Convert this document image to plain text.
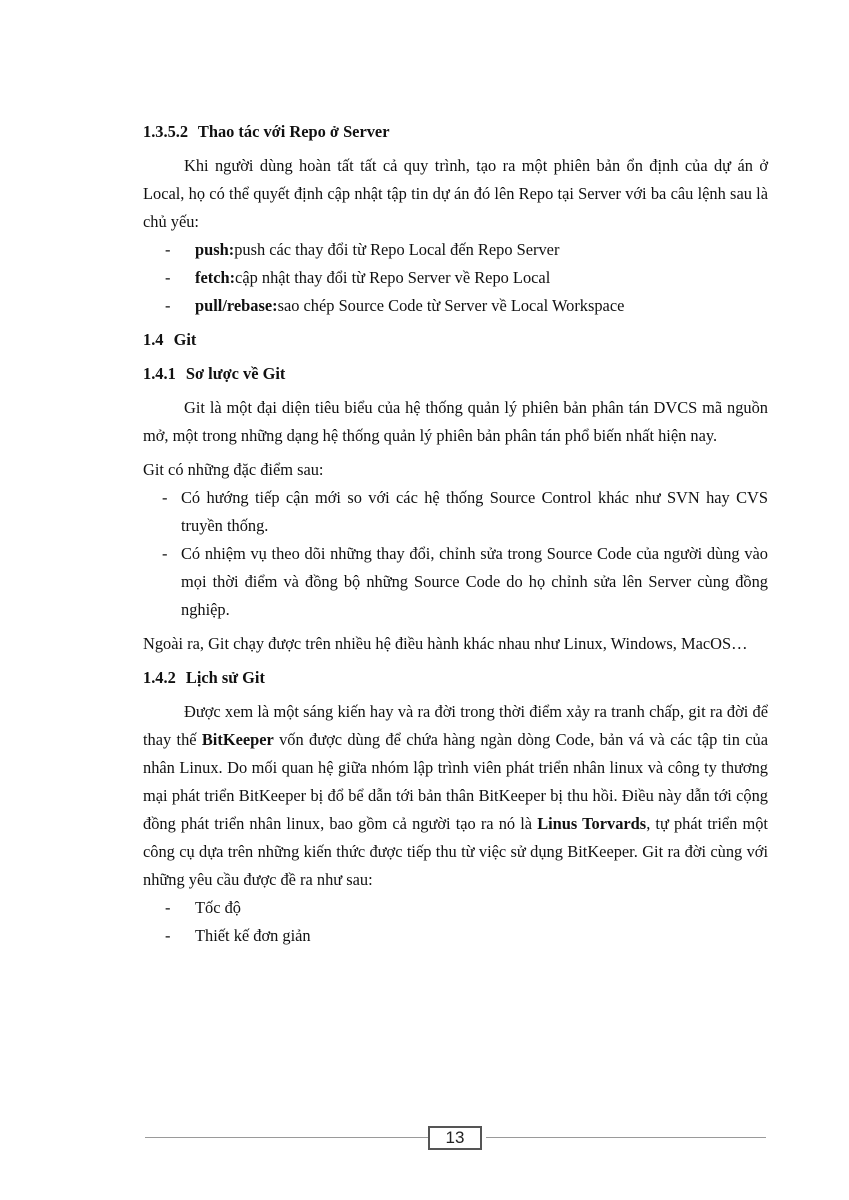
1.3.5.2 Thao tác với Repo ở Server

Khi người dùng hoàn tất tất cả quy trình, tạo ra một phiên bản ổn định của dự án ở Local, họ có thể quyết định cập nhật tập tin dự án đó lên Repo tại Server với ba câu lệnh sau là chủ yếu:

- push:push các thay đổi từ Repo Local đến Repo Server
- fetch:cập nhật thay đổi từ Repo Server về Repo Local
- pull/rebase:sao chép Source Code từ Server về Local Workspace
1.4 Git
1.4.1 Sơ lược về Git

Git là một đại diện tiêu biểu của hệ thống quản lý phiên bản phân tán DVCS mã nguồn mở, một trong những dạng hệ thống quản lý phiên bản phân tán phổ biến nhất hiện nay.

Git có những đặc điểm sau:

- Có hướng tiếp cận mới so với các hệ thống Source Control khác như SVN hay CVS truyền thống.
- Có nhiệm vụ theo dõi những thay đổi, chỉnh sửa trong Source Code của người dùng vào mọi thời điểm và đồng bộ những Source Code do họ chỉnh sửa lên Server cùng đồng nghiệp.

Ngoài ra, Git chạy được trên nhiều hệ điều hành khác nhau như Linux, Windows, MacOS…

1.4.2 Lịch sử Git

Được xem là một sáng kiến hay và ra đời trong thời điểm xảy ra tranh chấp, git ra đời để thay thế BitKeeper vốn được dùng để chứa hàng ngàn dòng Code, bản vá và các tập tin của nhân Linux. Do mối quan hệ giữa nhóm lập trình viên phát triển nhân linux và công ty thương mại phát triển BitKeeper bị đổ bể dẫn tới bản thân BitKeeper bị thu hồi. Điều này dẫn tới cộng đồng phát triển nhân linux, bao gồm cả người tạo ra nó là Linus Torvards, tự phát triển một công cụ dựa trên những kiến thức được tiếp thu từ việc sử dụng BitKeeper. Git ra đời cùng với những yêu cầu được đề ra như sau:

- Tốc độ
- Thiết kế đơn giản
13
